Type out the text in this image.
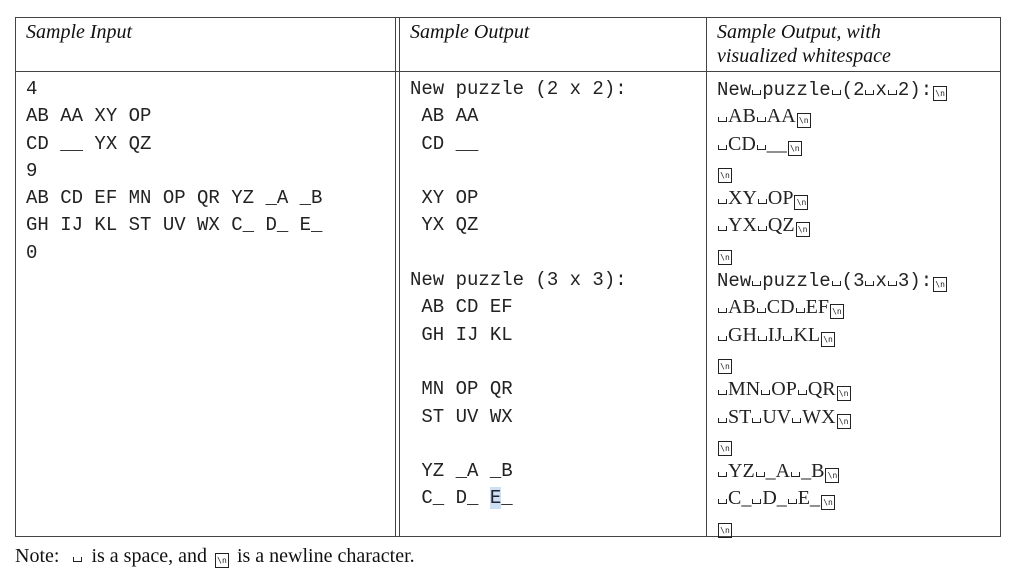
Sample Input	Sample Output	Sample Output, with
visualized whitespace
4
AB AA XY OP
CD __ YX QZ
9
AB CD EF MN OP QR YZ _A _B
GH IJ KL ST UV WX C_ D_ E_
0
New puzzle (2 x 2):
AB AA
CD __
XY OP
YX QZ
New puzzle (3 x 3):
AB CD EF
GH IJ KL
MN OP QR
ST UV WX
YZ _A _B
C_ D_ E_
New puzzle (2 x 2): \n
AB AA \n
CD __ \n
\n
XY OP \n
YX QZ \n
\n
New puzzle (3 x 3): \n
AB CD EF \n
GH IJ KL \n
\n
MN OP QR \n
ST UV WX \n
\n
YZ _A _B \n
C_ D_ E_ \n
\n
Note: is a space, and \n is a newline character.
